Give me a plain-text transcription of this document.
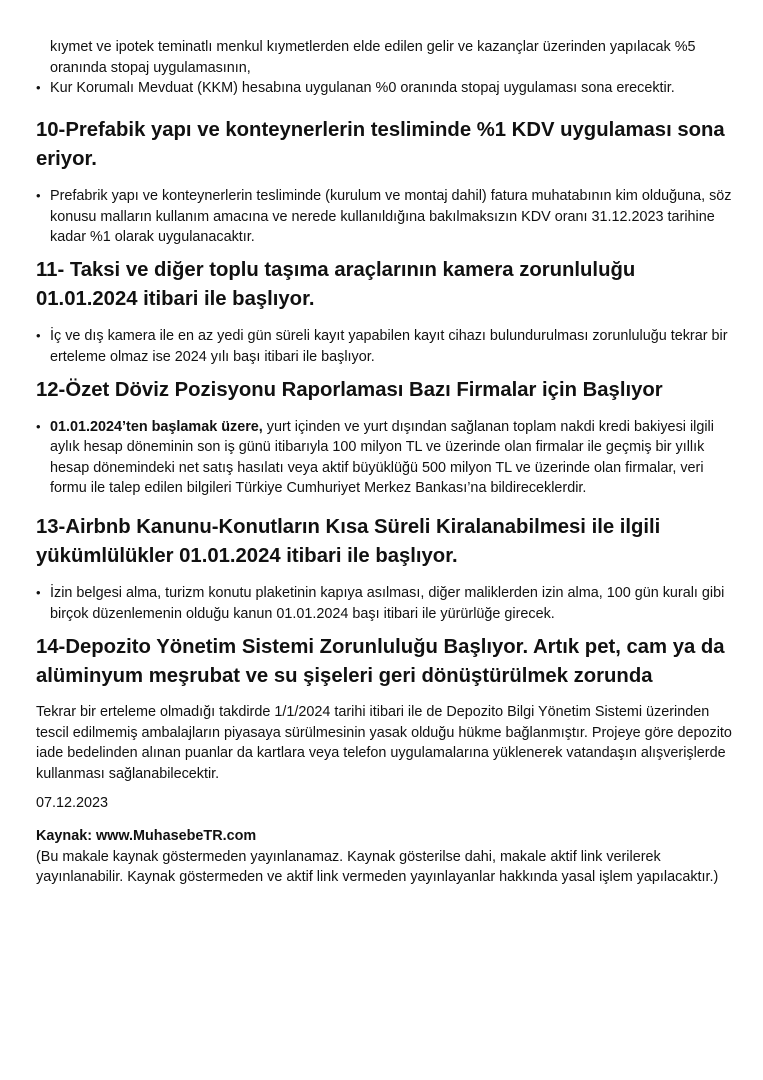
kıymet ve ipotek teminatlı menkul kıymetlerden elde edilen gelir ve kazançlar üzerinden yapılacak %5 oranında stopaj uygulamasının,
• Kur Korumalı Mevduat (KKM) hesabına uygulanan %0 oranında stopaj uygulaması sona erecektir.
10-Prefabik yapı ve konteynerlerin tesliminde %1 KDV uygulaması sona eriyor.
• Prefabrik yapı ve konteynerlerin tesliminde (kurulum ve montaj dahil) fatura muhatabının kim olduğuna, söz konusu malların kullanım amacına ve nerede kullanıldığına bakılmaksızın KDV oranı 31.12.2023 tarihine kadar %1 olarak uygulanacaktır.
11- Taksi ve diğer toplu taşıma araçlarının kamera zorunluluğu 01.01.2024 itibari ile başlıyor.
• İç ve dış kamera ile en az yedi gün süreli kayıt yapabilen kayıt cihazı bulundurulması zorunluluğu tekrar bir erteleme olmaz ise 2024 yılı başı itibari ile başlıyor.
12-Özet Döviz Pozisyonu Raporlaması Bazı Firmalar için Başlıyor
• 01.01.2024’ten başlamak üzere, yurt içinden ve yurt dışından sağlanan toplam nakdi kredi bakiyesi ilgili aylık hesap döneminin son iş günü itibarıyla 100 milyon TL ve üzerinde olan firmalar ile geçmiş bir yıllık hesap dönemindeki net satış hasılatı veya aktif büyüklüğü 500 milyon TL ve üzerinde olan firmalar, veri formu ile talep edilen bilgileri Türkiye Cumhuriyet Merkez Bankası’na bildireceklerdir.
13-Airbnb Kanunu-Konutların Kısa Süreli Kiralanabilmesi ile ilgili yükümlülükler 01.01.2024 itibari ile başlıyor.
• İzin belgesi alma, turizm konutu plaketinin kapıya asılması, diğer maliklerden izin alma, 100 gün kuralı gibi birçok düzenlemenin olduğu kanun 01.01.2024 başı itibari ile yürürlüğe girecek.
14-Depozito Yönetim Sistemi Zorunluluğu Başlıyor. Artık pet, cam ya da alüminyum meşrubat ve su şişeleri geri dönüştürülmek zorunda

Tekrar bir erteleme olmadığı takdirde 1/1/2024 tarihi itibari ile de Depozito Bilgi Yönetim Sistemi üzerinden tescil edilmemiş ambalajların piyasaya sürülmesinin yasak olduğu hükme bağlanmıştır. Projeye göre depozito iade bedelinden alınan puanlar da kartlara veya telefon uygulamalarına yüklenerek vatandaşın alışverişlerde kullanması sağlanabilecektir.

07.12.2023

Kaynak: www.MuhasebeTR.com

(Bu makale kaynak göstermeden yayınlanamaz. Kaynak gösterilse dahi, makale aktif link verilerek yayınlanabilir. Kaynak göstermeden ve aktif link vermeden yayınlayanlar hakkında yasal işlem yapılacaktır.)
